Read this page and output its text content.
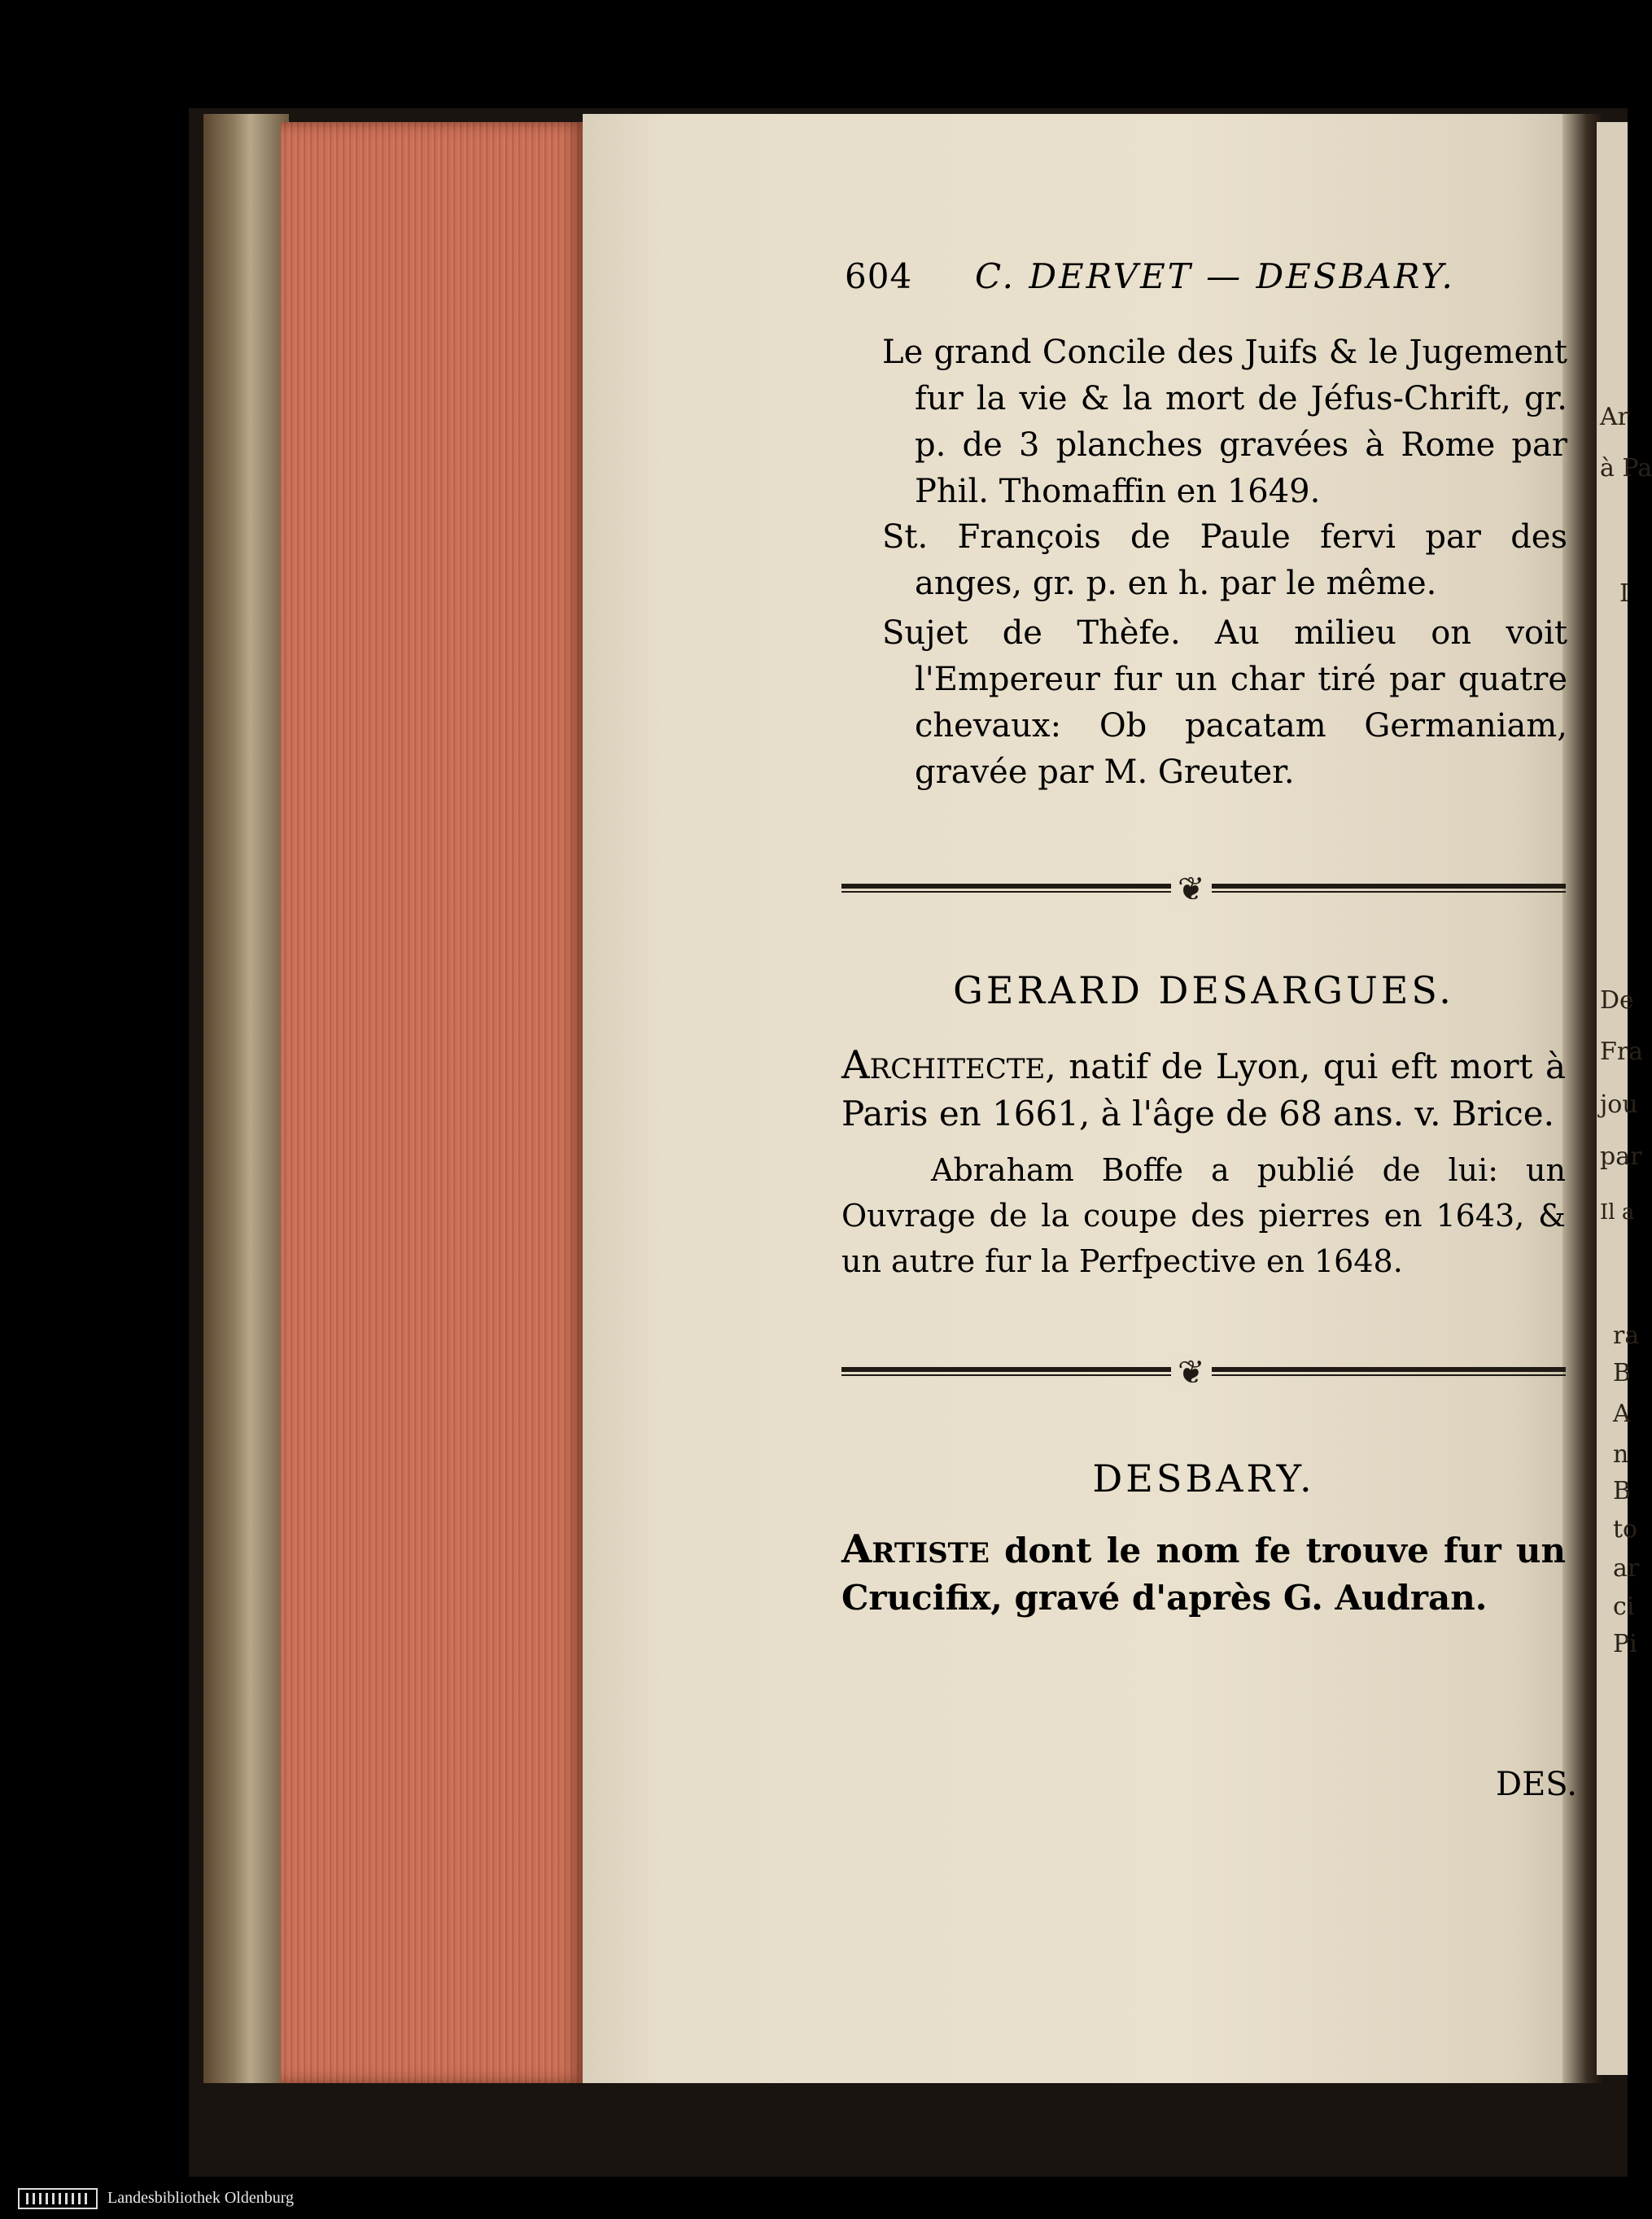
Ar
à Pa
I
De
Fra
jou
par
Il a
ra
B
A
n
B
to
ar
ci
Pi
604 C. DERVET — DESBARY.

Le grand Concile des Juifs & le Jugement fur la vie & la mort de Jéfus-Chrift, gr. p. de 3 planches gravées à Rome par Phil. Thomaffin en 1649.

St. François de Paule fervi par des anges, gr. p. en h. par le même.

Sujet de Thèfe. Au milieu on voit l'Empereur fur un char tiré par quatre chevaux: Ob pacatam Germaniam, gravée par M. Greuter.

❦
GERARD DESARGUES.
Architecte, natif de Lyon, qui eft mort à Paris en 1661, à l'âge de 68 ans. v. Brice.
Abraham Boffe a publié de lui: un Ouvrage de la coupe des pierres en 1643, & un autre fur la Perfpective en 1648.
❦
DESBARY.
Artiste dont le nom fe trouve fur un Crucifix, gravé d'après G. Audran.
DES.
Landesbibliothek Oldenburg
